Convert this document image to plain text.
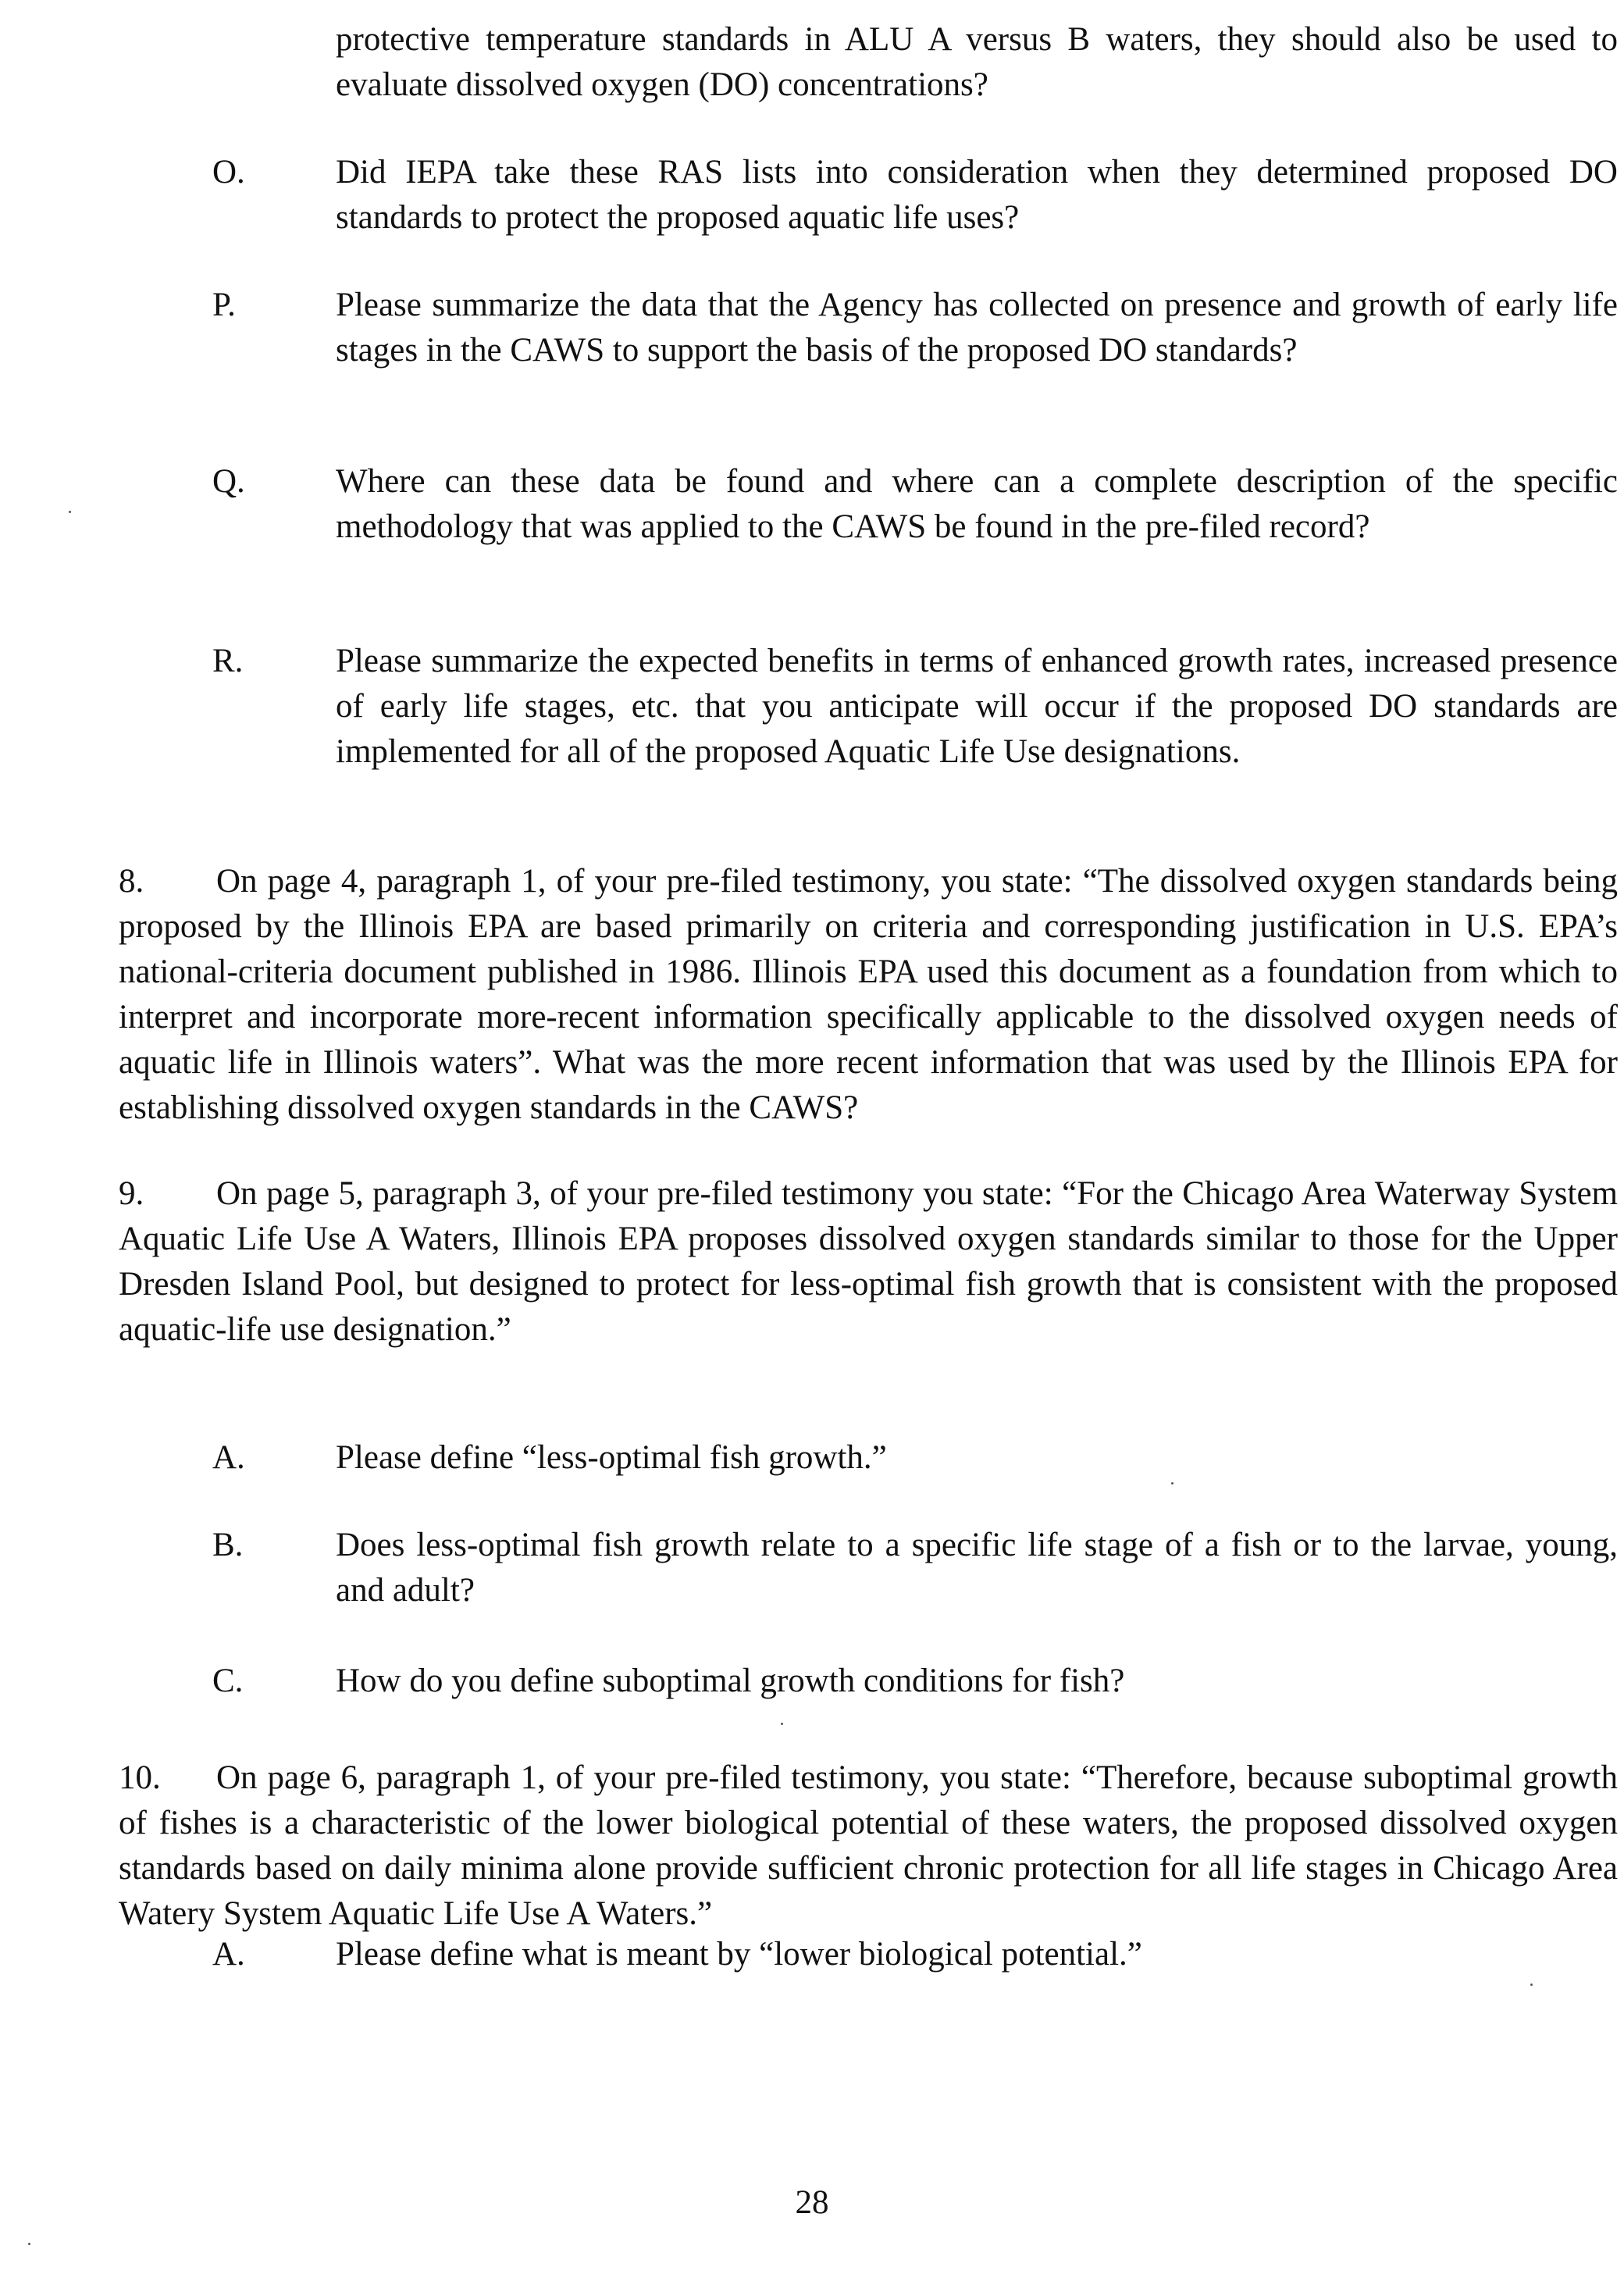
protective temperature standards in ALU A versus B waters, they should also be used to evaluate dissolved oxygen (DO) concentrations?
O.	Did IEPA take these RAS lists into consideration when they determined proposed DO standards to protect the proposed aquatic life uses?
P.	Please summarize the data that the Agency has collected on presence and growth of early life stages in the CAWS to support the basis of the proposed DO standards?
Q.	Where can these data be found and where can a complete description of the specific methodology that was applied to the CAWS be found in the pre-filed record?
R.	Please summarize the expected benefits in terms of enhanced growth rates, increased presence of early life stages, etc. that you anticipate will occur if the proposed DO standards are implemented for all of the proposed Aquatic Life Use designations.
8.	On page 4, paragraph 1, of your pre-filed testimony, you state: “The dissolved oxygen standards being proposed by the Illinois EPA are based primarily on criteria and corresponding justification in U.S. EPA’s national-criteria document published in 1986. Illinois EPA used this document as a foundation from which to interpret and incorporate more-recent information specifically applicable to the dissolved oxygen needs of aquatic life in Illinois waters”. What was the more recent information that was used by the Illinois EPA for establishing dissolved oxygen standards in the CAWS?
9.	On page 5, paragraph 3, of your pre-filed testimony you state: “For the Chicago Area Waterway System Aquatic Life Use A Waters, Illinois EPA proposes dissolved oxygen standards similar to those for the Upper Dresden Island Pool, but designed to protect for less-optimal fish growth that is consistent with the proposed aquatic-life use designation.”
A.	Please define “less-optimal fish growth.”
B.	Does less-optimal fish growth relate to a specific life stage of a fish or to the larvae, young, and adult?
C.	How do you define suboptimal growth conditions for fish?
10.	On page 6, paragraph 1, of your pre-filed testimony, you state: “Therefore, because suboptimal growth of fishes is a characteristic of the lower biological potential of these waters, the proposed dissolved oxygen standards based on daily minima alone provide sufficient chronic protection for all life stages in Chicago Area Watery System Aquatic Life Use A Waters.”
A.	Please define what is meant by “lower biological potential.”
28
